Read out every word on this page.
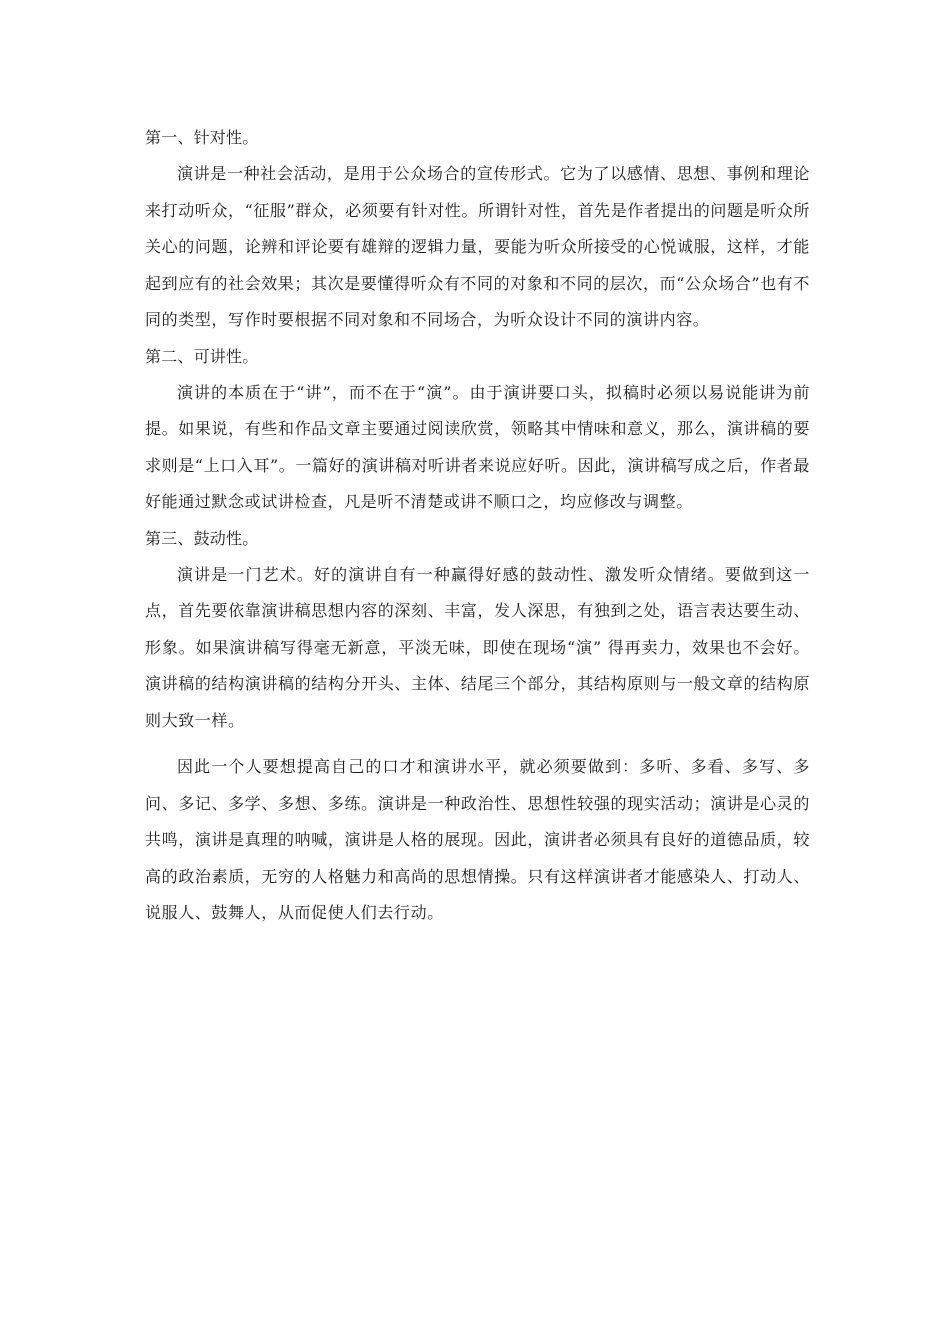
第一、针对性。

演讲是一种社会活动，是用于公众场合的宣传形式。它为了以感情、思想、事例和理论来打动听众，“征服”群众，必须要有针对性。所谓针对性，首先是作者提出的问题是听众所关心的问题，论辨和评论要有雄辩的逻辑力量，要能为听众所接受的心悦诚服，这样，才能起到应有的社会效果；其次是要懂得听众有不同的对象和不同的层次，而“公众场合”也有不同的类型，写作时要根据不同对象和不同场合，为听众设计不同的演讲内容。

第二、可讲性。

演讲的本质在于“讲”，而不在于“演”。由于演讲要口头，拟稿时必须以易说能讲为前提。如果说，有些和作品文章主要通过阅读欣赏，领略其中情味和意义，那么，演讲稿的要求则是“上口入耳”。一篇好的演讲稿对听讲者来说应好听。因此，演讲稿写成之后，作者最好能通过默念或试讲检查，凡是听不清楚或讲不顺口之，均应修改与调整。

第三、鼓动性。

演讲是一门艺术。好的演讲自有一种赢得好感的鼓动性、激发听众情绪。要做到这一点，首先要依靠演讲稿思想内容的深刻、丰富，发人深思，有独到之处，语言表达要生动、形象。如果演讲稿写得毫无新意，平淡无味，即使在现场“演” 得再卖力，效果也不会好。演讲稿的结构演讲稿的结构分开头、主体、结尾三个部分，其结构原则与一般文章的结构原则大致一样。

因此一个人要想提高自己的口才和演讲水平，就必须要做到：多听、多看、多写、多问、多记、多学、多想、多练。演讲是一种政治性、思想性较强的现实活动；演讲是心灵的共鸣，演讲是真理的呐喊，演讲是人格的展现。因此，演讲者必须具有良好的道德品质，较高的政治素质，无穷的人格魅力和高尚的思想情操。只有这样演讲者才能感染人、打动人、说服人、鼓舞人，从而促使人们去行动。
